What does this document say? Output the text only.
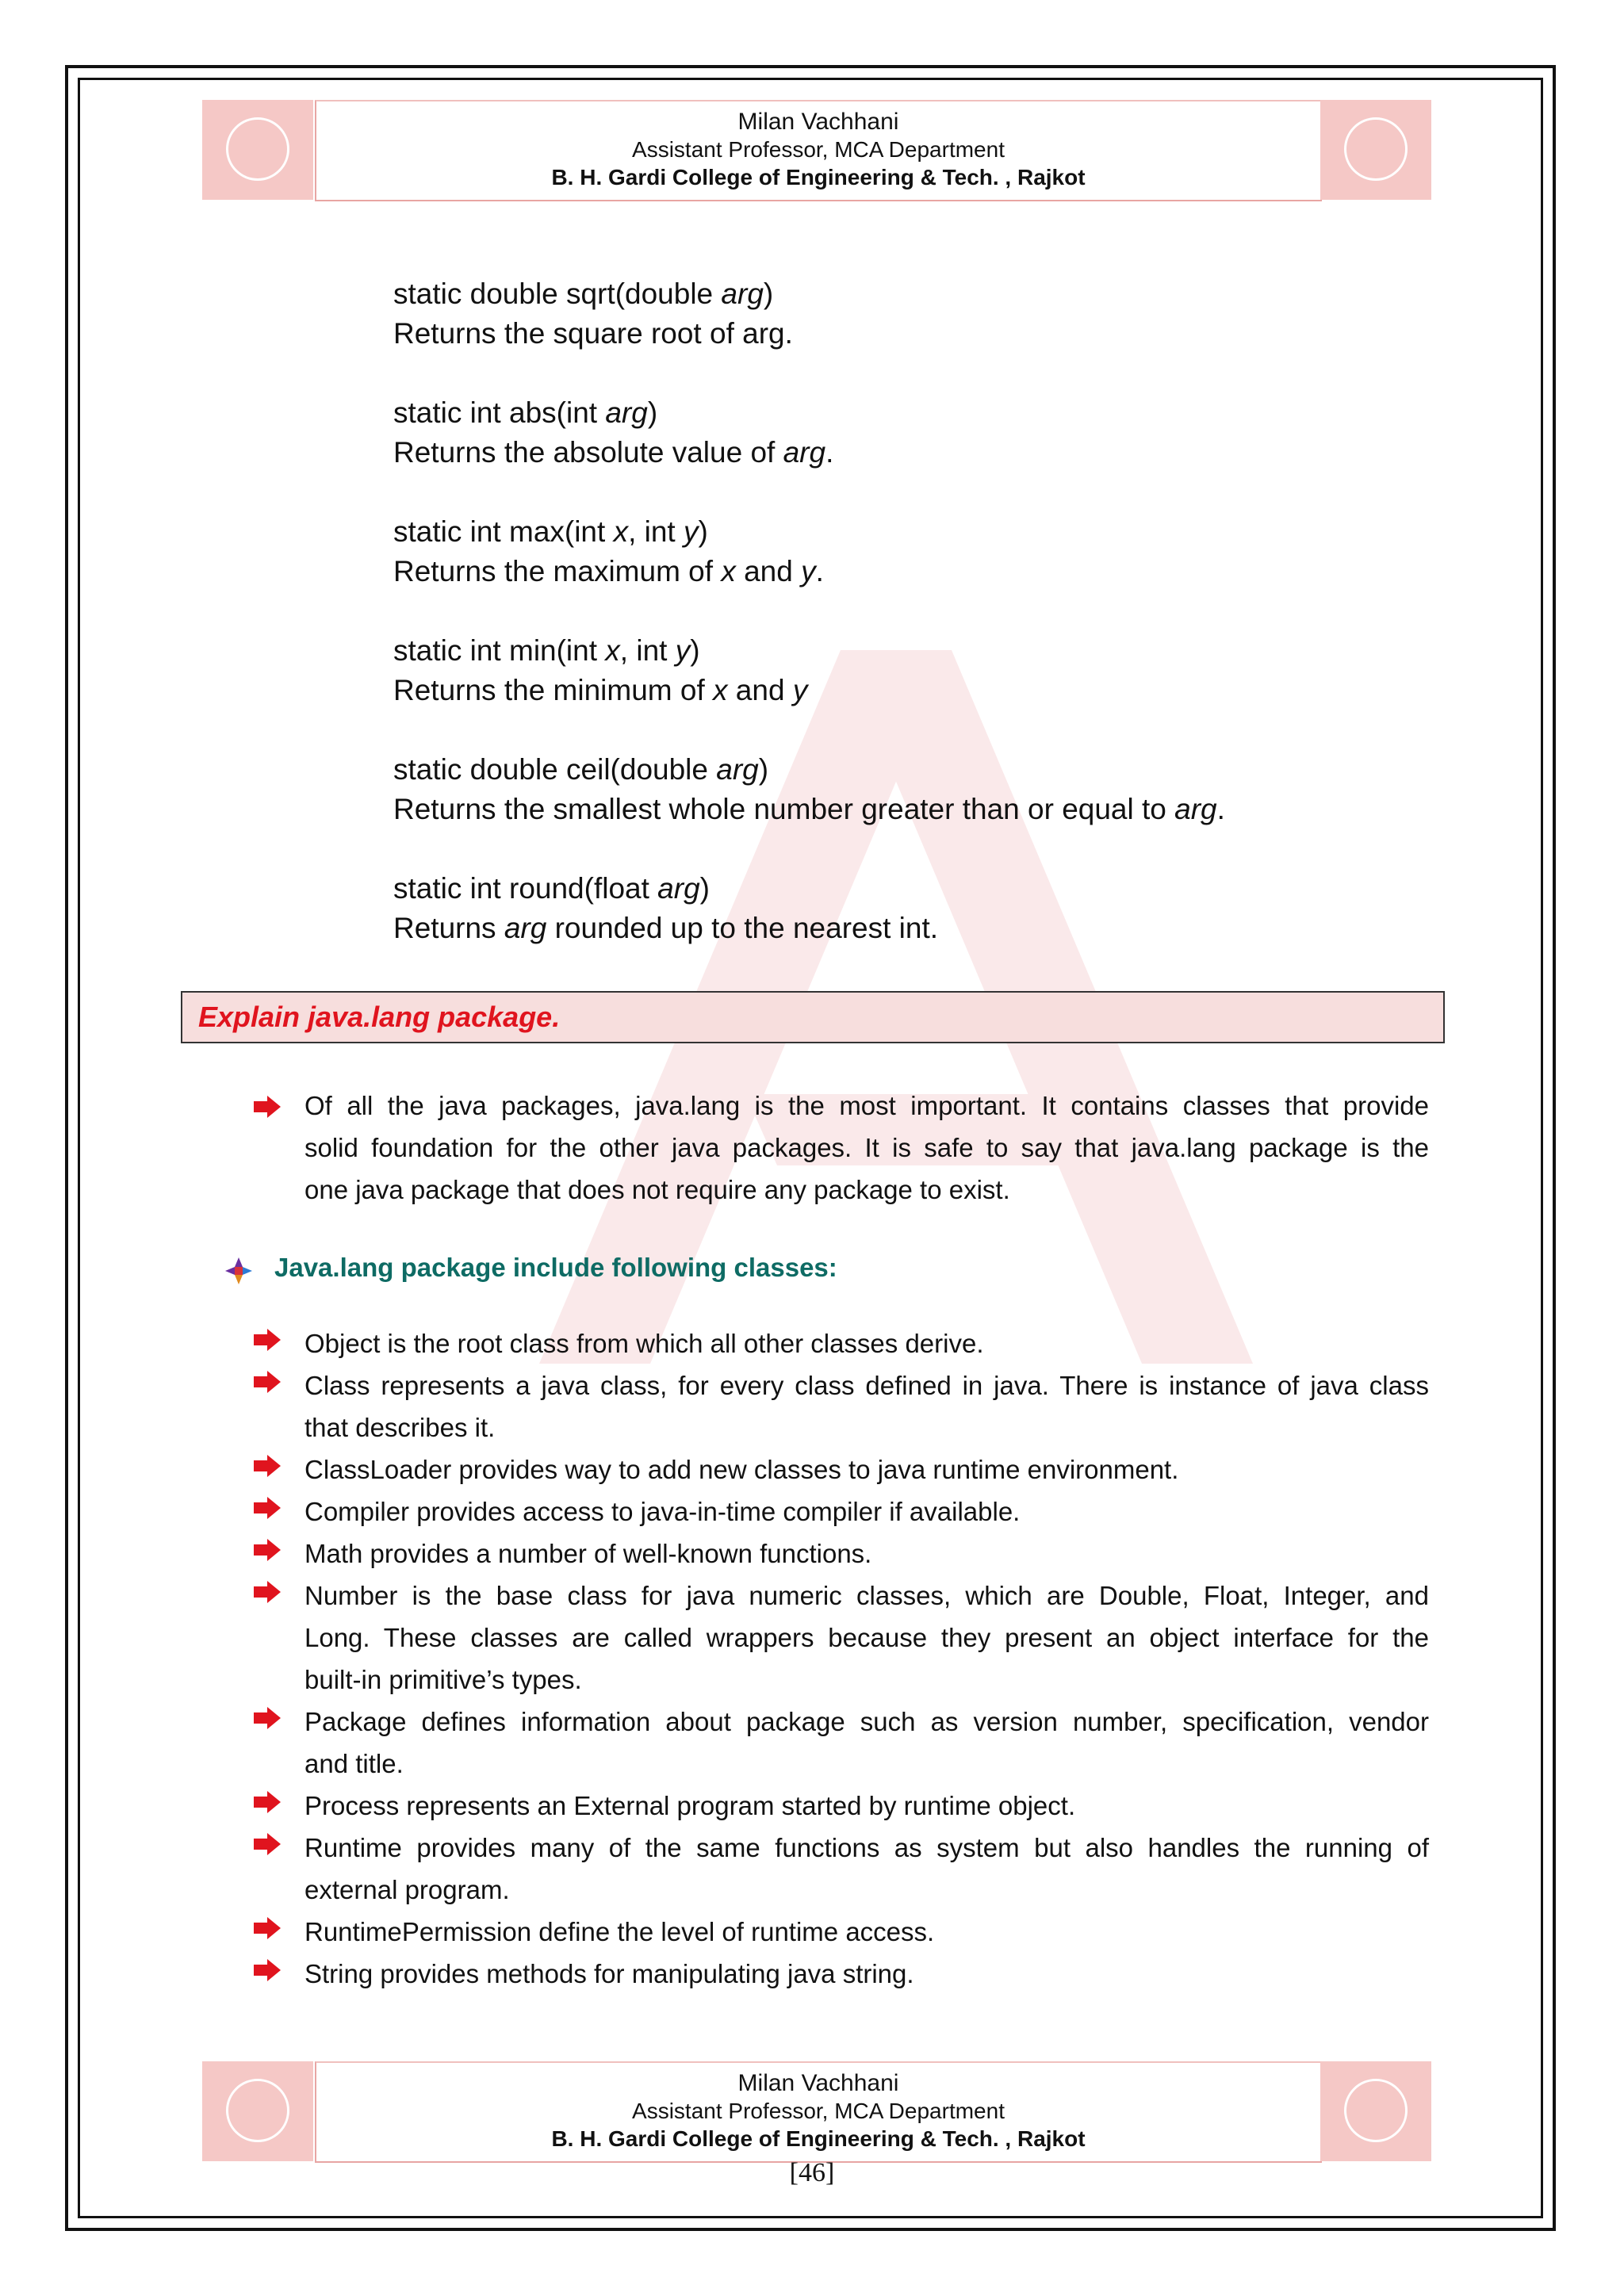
Milan Vachhani
Assistant Professor, MCA Department
B. H. Gardi College of Engineering & Tech. , Rajkot
static double sqrt(double arg)
Returns the square root of arg.
static int abs(int arg)
Returns the absolute value of arg.
static int max(int x, int y)
Returns the maximum of x and y.
static int min(int x, int y)
Returns the minimum of x and y
static double ceil(double arg)
Returns the smallest whole number greater than or equal to arg.
static int round(float arg)
Returns arg rounded up to the nearest int.
Explain java.lang package.
Of all the java packages, java.lang is the most important. It contains classes that provide
solid foundation for the other java packages. It is safe to say that java.lang package is the
one java package that does not require any package to exist.
Java.lang package include following classes:
Object is the root class from which all other classes derive.
Class represents a java class, for every class defined in java. There is instance of java class
that describes it.
ClassLoader provides way to add new classes to java runtime environment.
Compiler provides access to java-in-time compiler if available.
Math provides a number of well-known functions.
Number is the base class for java numeric classes, which are Double, Float, Integer, and
Long. These classes are called wrappers because they present an object interface for the
built-in primitive’s types.
Package defines information about package such as version number, specification, vendor
and title.
Process represents an External program started by runtime object.
Runtime provides many of the same functions as system but also handles the running of
external program.
RuntimePermission define the level of runtime access.
String provides methods for manipulating java string.
Milan Vachhani
Assistant Professor, MCA Department
B. H. Gardi College of Engineering & Tech. , Rajkot
[46]
